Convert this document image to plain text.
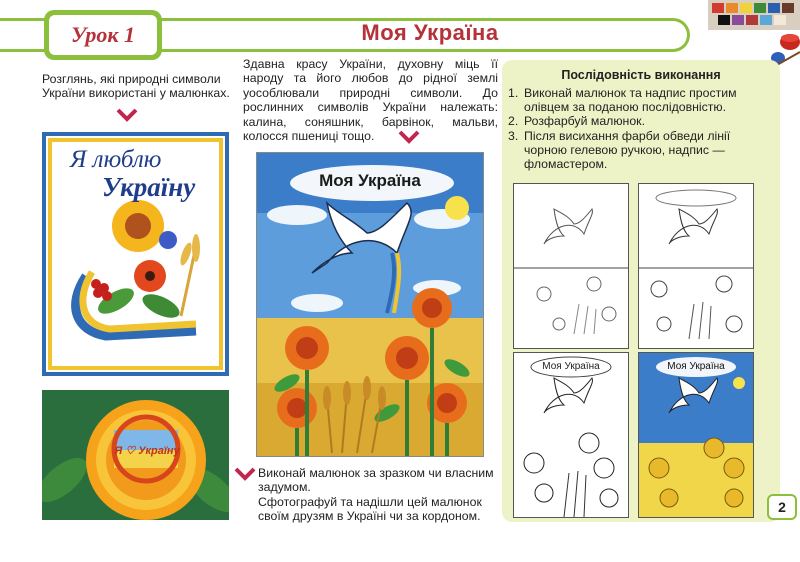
Урок 1	Моя Україна
Розглянь, які природні символи України використані у малюнках.
Я люблю
Україну
Я ♡ Україну
Здавна красу України, духовну міць її народу та його любов до рідної землі уособлювали природні символи. До рослинних символів України належать: калина, соняшник, барвінок, мальви, колосся пшениці тощо.
Моя Україна
Виконай малюнок за зразком чи власним задумом.
Сфотографуй та надішли цей малюнок своїм друзям в Україні чи за кордоном.
Послідовність виконання
1. Виконай малюнок та надпис простим олівцем за поданою послідовністю.
2. Розфарбуй малюнок.
3. Після висихання фарби обведи лінії чорною гелевою ручкою, надпис — фломастером.
Моя Україна	Моя Україна
2
